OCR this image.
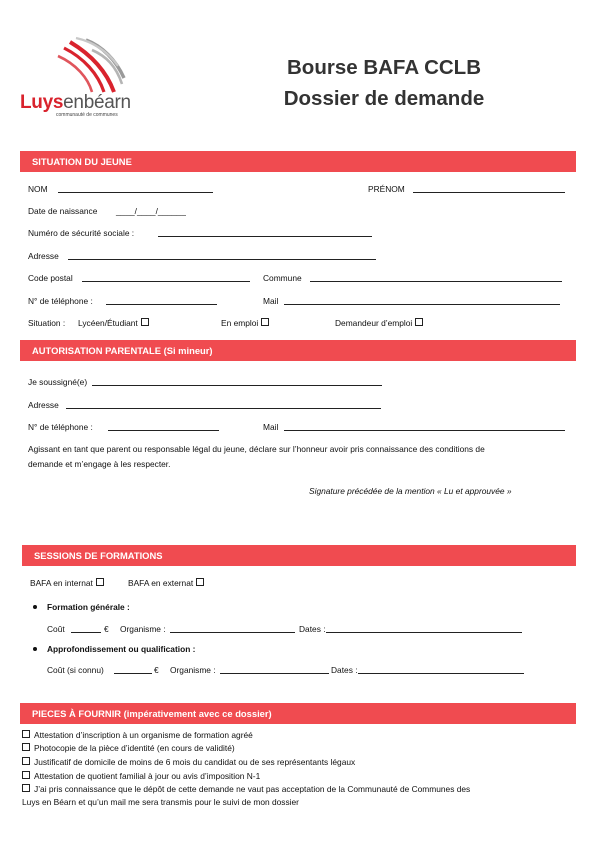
Luysenbéarn
communauté de communes
Bourse BAFA CCLB
Dossier de demande
SITUATION DU JEUNE
NOM	PRÉNOM
Date de naissance ____/____/______
Numéro de sécurité sociale :
Adresse
Code postal	Commune
N° de téléphone :	Mail
Situation : Lycéen/Étudiant	En emploi	Demandeur d’emploi
AUTORISATION PARENTALE (Si mineur)
Je soussigné(e)
Adresse
N° de téléphone :	Mail
Agissant en tant que parent ou responsable légal du jeune, déclare sur l’honneur avoir pris connaissance des conditions de
demande et m’engage à les respecter.
Signature précédée de la mention « Lu et approuvée »
SESSIONS DE FORMATIONS
BAFA en internat	BAFA en externat
Formation générale :
Coût	€ Organisme :	Dates :
Approfondissement ou qualification :
Coût (si connu)	€ Organisme :	Dates :
PIECES À FOURNIR (impérativement avec ce dossier)
Attestation d’inscription à un organisme de formation agréé
Photocopie de la pièce d’identité (en cours de validité)
Justificatif de domicile de moins de 6 mois du candidat ou de ses représentants légaux
Attestation de quotient familial à jour ou avis d’imposition N-1
J’ai pris connaissance que le dépôt de cette demande ne vaut pas acceptation de la Communauté de Communes des
Luys en Béarn et qu’un mail me sera transmis pour le suivi de mon dossier
